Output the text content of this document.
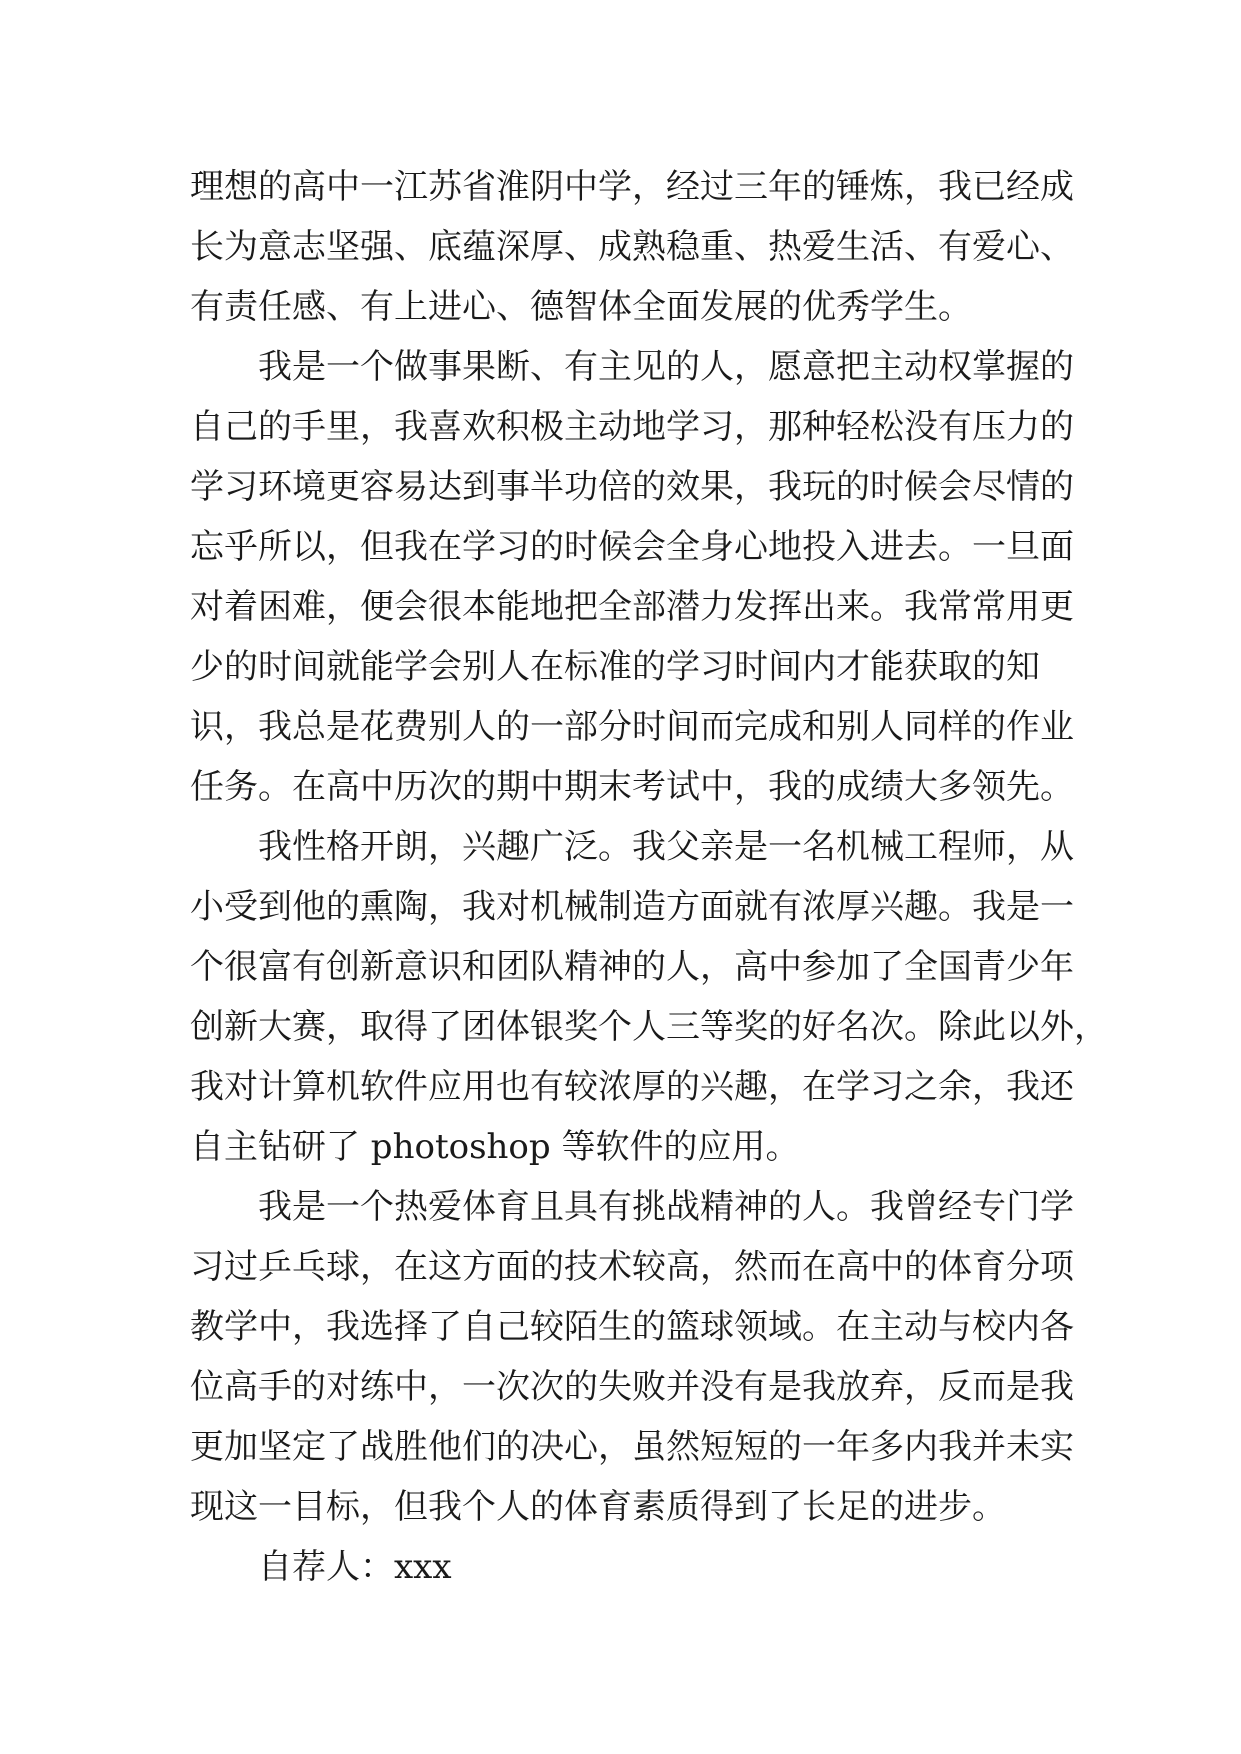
理想的高中一江苏省淮阴中学，经过三年的锤炼，我已经成
长为意志坚强、底蕴深厚、成熟稳重、热爱生活、有爱心、
有责任感、有上进心、德智体全面发展的优秀学生。
我是一个做事果断、有主见的人，愿意把主动权掌握的
自己的手里，我喜欢积极主动地学习，那种轻松没有压力的
学习环境更容易达到事半功倍的效果，我玩的时候会尽情的
忘乎所以，但我在学习的时候会全身心地投入进去。一旦面
对着困难，便会很本能地把全部潜力发挥出来。我常常用更
少的时间就能学会别人在标准的学习时间内才能获取的知
识，我总是花费别人的一部分时间而完成和别人同样的作业
任务。在高中历次的期中期末考试中，我的成绩大多领先。
我性格开朗，兴趣广泛。我父亲是一名机械工程师，从
小受到他的熏陶，我对机械制造方面就有浓厚兴趣。我是一
个很富有创新意识和团队精神的人，高中参加了全国青少年
创新大赛，取得了团体银奖个人三等奖的好名次。除此以外，
我对计算机软件应用也有较浓厚的兴趣，在学习之余，我还
自主钻研了 photoshop 等软件的应用。
我是一个热爱体育且具有挑战精神的人。我曾经专门学
习过乒乓球，在这方面的技术较高，然而在高中的体育分项
教学中，我选择了自己较陌生的篮球领域。在主动与校内各
位高手的对练中，一次次的失败并没有是我放弃，反而是我
更加坚定了战胜他们的决心，虽然短短的一年多内我并未实
现这一目标，但我个人的体育素质得到了长足的进步。
自荐人：xxx
